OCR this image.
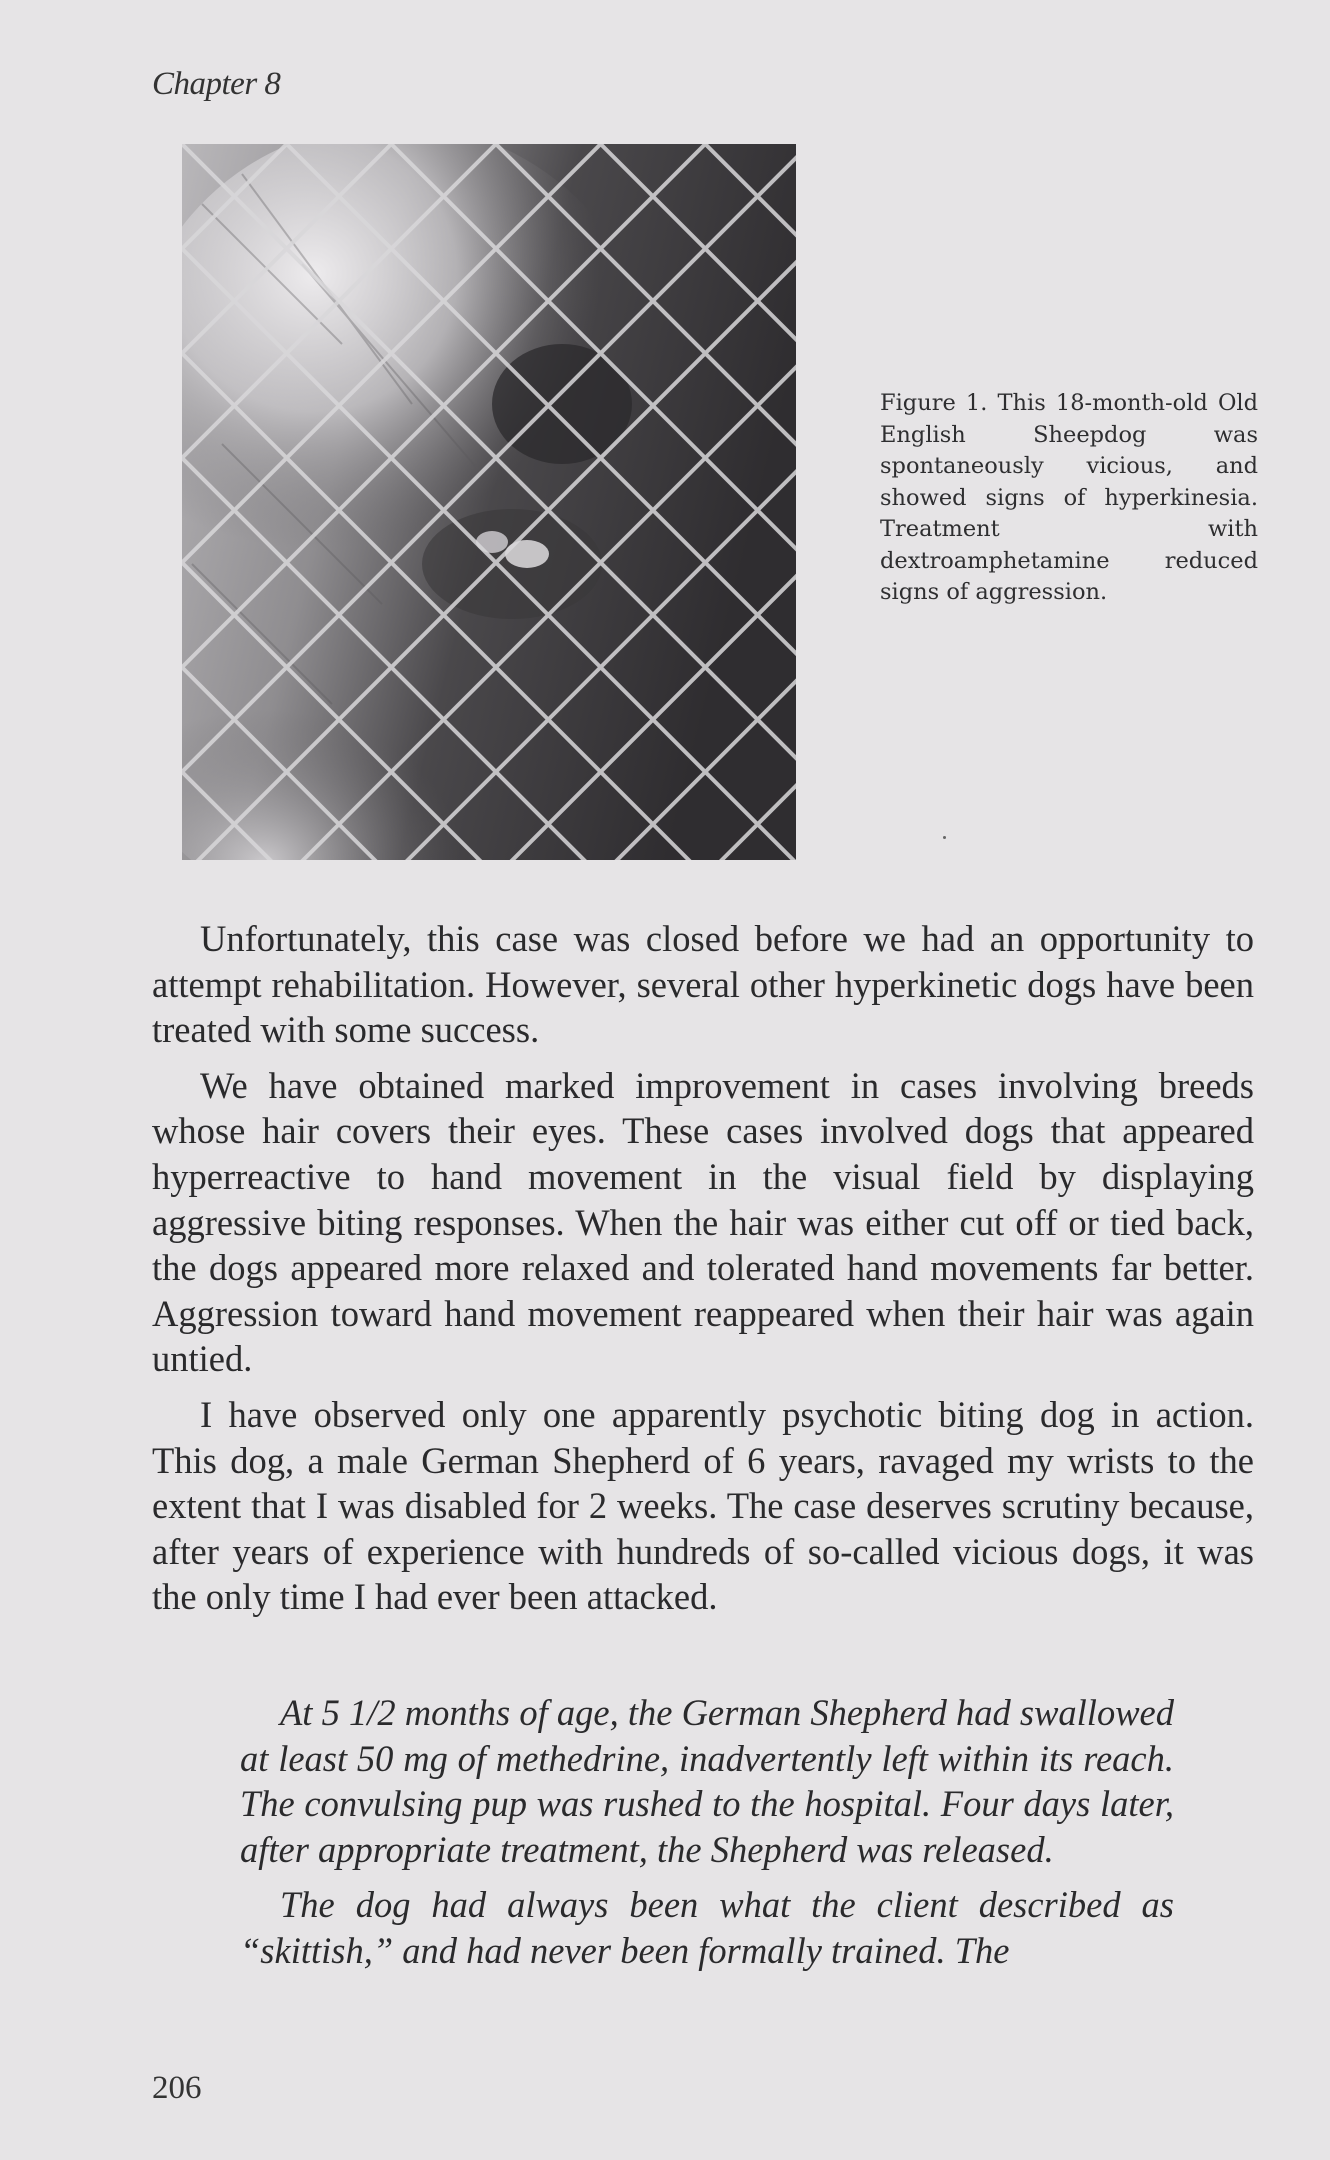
Chapter 8
Figure 1. This 18-month-old Old English Sheepdog was spontaneously vicious, and showed signs of hyperkinesia. Treatment with dextroamphetamine reduced signs of aggression.

Unfortunately, this case was closed before we had an opportunity to attempt rehabilitation. However, several other hyperkinetic dogs have been treated with some success.

We have obtained marked improvement in cases involving breeds whose hair covers their eyes. These cases involved dogs that appeared hyperreactive to hand movement in the visual field by displaying aggressive biting responses. When the hair was either cut off or tied back, the dogs appeared more relaxed and tolerated hand movements far better. Aggression toward hand movement reappeared when their hair was again untied.

I have observed only one apparently psychotic biting dog in action. This dog, a male German Shepherd of 6 years, ravaged my wrists to the extent that I was disabled for 2 weeks. The case deserves scrutiny because, after years of experience with hundreds of so-called vicious dogs, it was the only time I had ever been attacked.

At 5 1/2 months of age, the German Shepherd had swallowed at least 50 mg of methedrine, inadvertently left within its reach. The convulsing pup was rushed to the hospital. Four days later, after appropriate treatment, the Shepherd was released.

The dog had always been what the client described as “skittish,” and had never been formally trained. The

206
